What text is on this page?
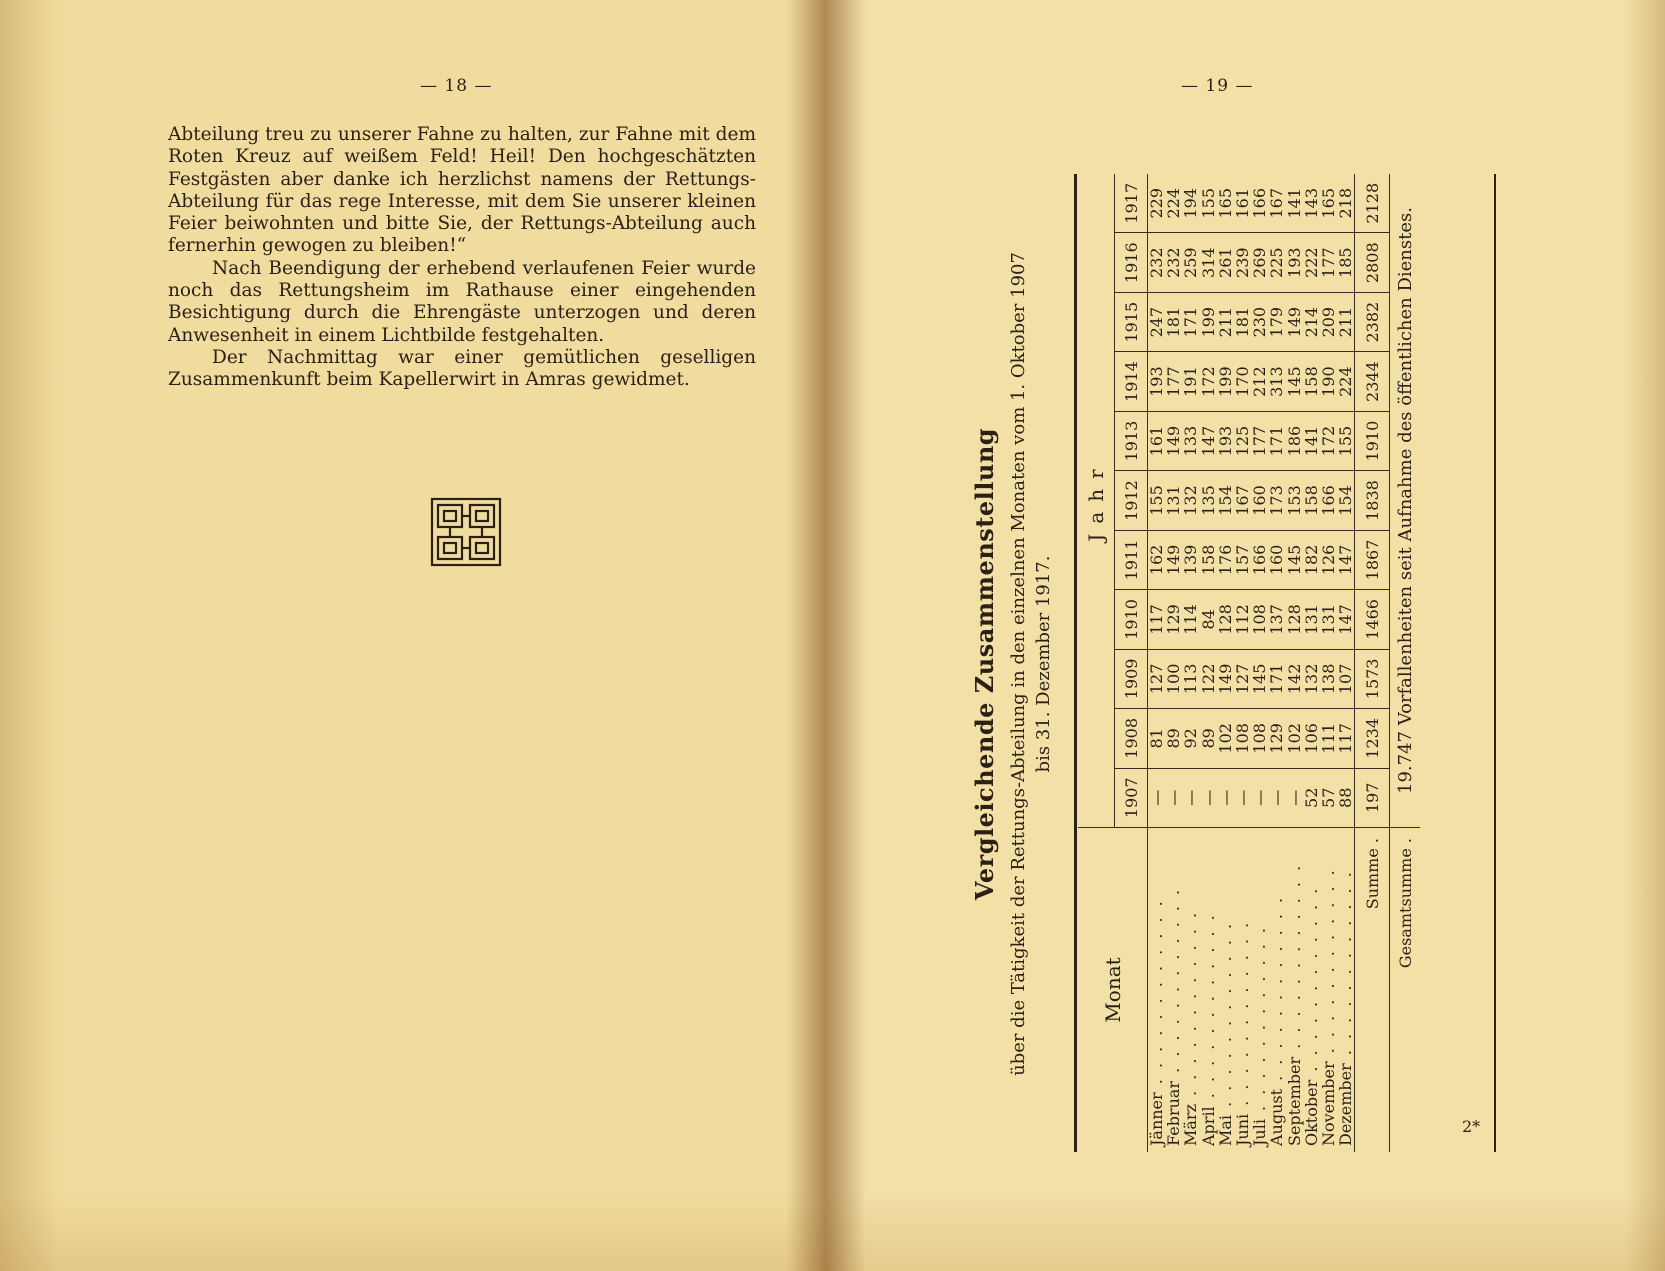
— 18 —

Abteilung treu zu unserer Fahne zu halten, zur Fahne mit dem Roten Kreuz auf weißem Feld! Heil! Den hochgeschätzten Festgästen aber danke ich herzlichst namens der Rettungs-Abteilung für das rege Interesse, mit dem Sie unserer kleinen Feier beiwohnten und bitte Sie, der Rettungs-Abteilung auch fernerhin gewogen zu bleiben!“

Nach Beendigung der erhebend verlaufenen Feier wurde noch das Rettungsheim im Rathause einer eingehenden Besichtigung durch die Ehrengäste unterzogen und deren Anwesenheit in einem Lichtbilde festgehalten.

Der Nachmittag war einer gemütlichen geselligen Zusammenkunft beim Kapellerwirt in Amras gewidmet.

— 19 —
2*
Vergleichende Zusammenstellung über die Tätigkeit der Rettungs-Abteilung in den einzelnen Monaten vom 1. Oktober 1907 bis 31. Dezember 1917.
Monat	Jahr										
	1907	1908	1909	1910	1911	1912	1913	1914	1915	1916	1917
Jänner . . . . . . . . . . . .	—	81	127	117	162	155	161	193	247	232	229
Februar . . . . . . . . . . . .	—	89	100	129	149	131	149	177	181	232	224
März . . . . . . . . . . . .	—	92	113	114	139	132	133	191	171	259	194
April . . . . . . . . . . . .	—	89	122	84	158	135	147	172	199	314	155
Mai . . . . . . . . . . . .	—	102	149	128	176	154	193	199	211	261	165
Juni . . . . . . . . . . . .	—	108	127	112	157	167	125	170	181	239	161
Juli . . . . . . . . . . . .	—	108	145	108	166	160	177	212	230	269	166
August . . . . . . . . . . . .	—	129	171	137	160	173	171	313	179	225	167
September . . . . . . . . . . . .	—	102	142	128	145	153	186	145	149	193	141
Oktober . . . . . . . . . . . .	52	106	132	131	182	158	141	158	214	222	143
November . . . . . . . . . . . .	57	111	138	131	126	166	172	190	209	177	165
Dezember . . . . . . . . . . . .	88	117	107	147	147	154	155	224	211	185	218
Summe .	197	1234	1573	1466	1867	1838	1910	2344	2382	2808	2128
Gesamtsumme .	19.747 Vorfallenheiten seit Aufnahme des öffentlichen Dienstes.										
